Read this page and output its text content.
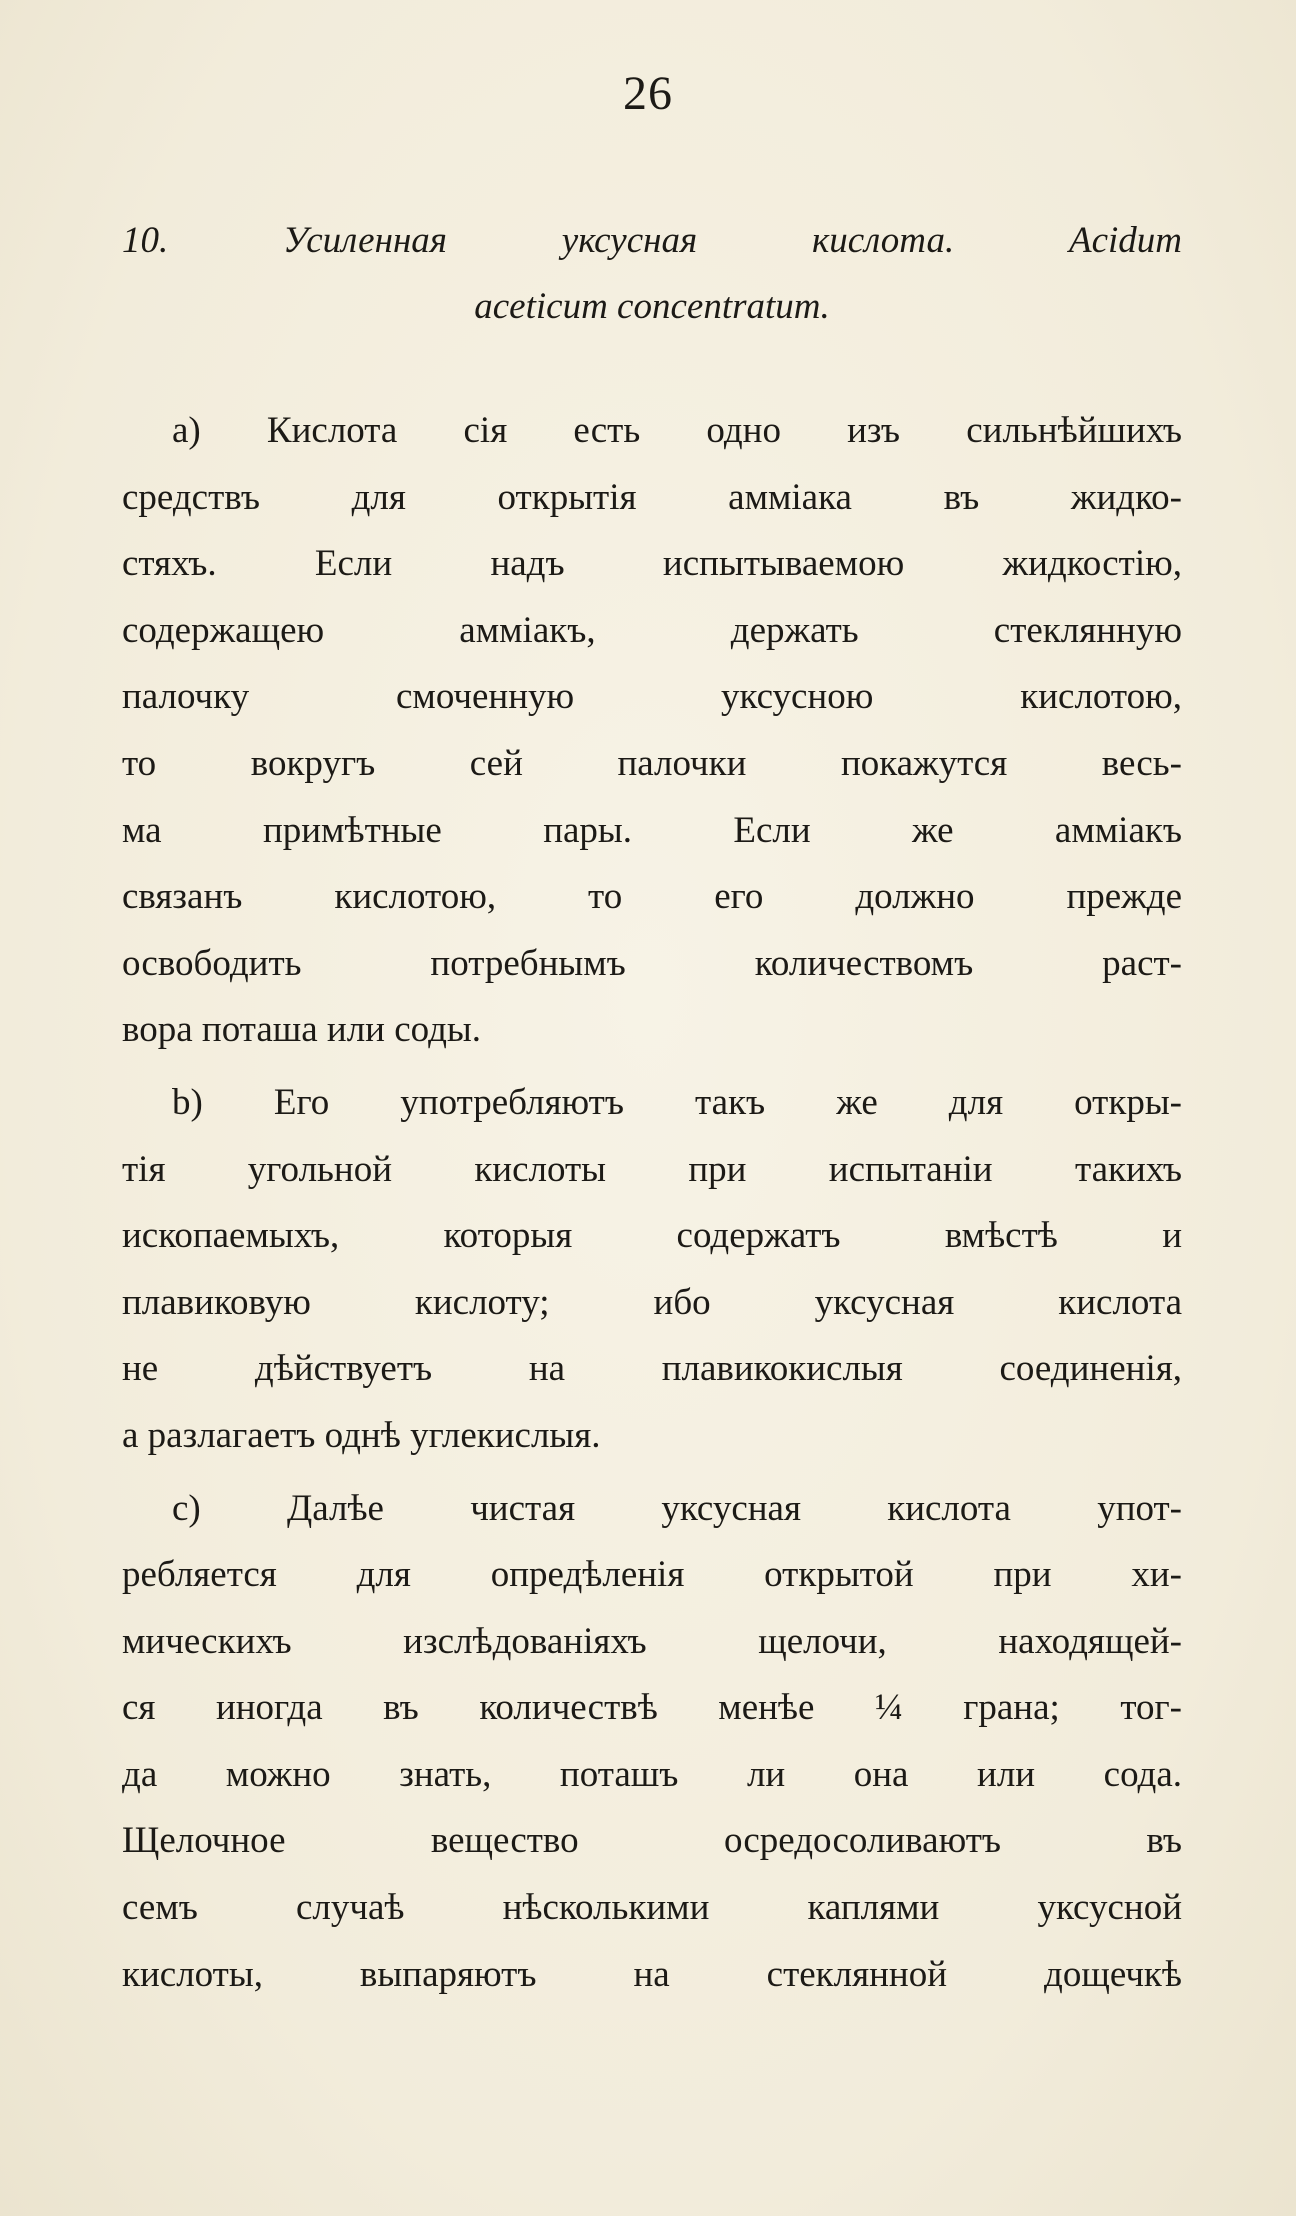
26
10. Усиленная уксусная кислота. Acidum
aceticum concentratum.
a) Кислота сія есть одно изъ сильнѣйшихъ
средствъ для открытія аммiака въ жидко-
стяхъ. Если надъ испытываемою жидкостію,
содержащею аммiакъ, держать стеклянную
палочку смоченную уксусною кислотою,
то вокругъ сей палочки покажутся весь-
ма примѣтные пары. Если же аммiакъ
связанъ кислотою, то его должно прежде
освободить потребнымъ количествомъ раст-
вора поташа или соды.
b) Его употребляютъ такъ же для откры-
тія угольной кислоты при испытаніи такихъ
ископаемыхъ, которыя содержатъ вмѣстѣ и
плавиковую кислоту; ибо уксусная кислота
не дѣйствуетъ на плавикокислыя соединенія,
а разлагаетъ однѣ углекислыя.
c) Далѣе чистая уксусная кислота упот-
ребляется для опредѣленія открытой при хи-
мическихъ изслѣдованіяхъ щелочи, находящей-
ся иногда въ количествѣ менѣе ¼ грана; тог-
да можно знать, поташъ ли она или сода.
Щелочное вещество осредосоливаютъ въ
семъ случаѣ нѣсколькими каплями уксусной
кислоты, выпаряютъ на стеклянной дощечкѣ
